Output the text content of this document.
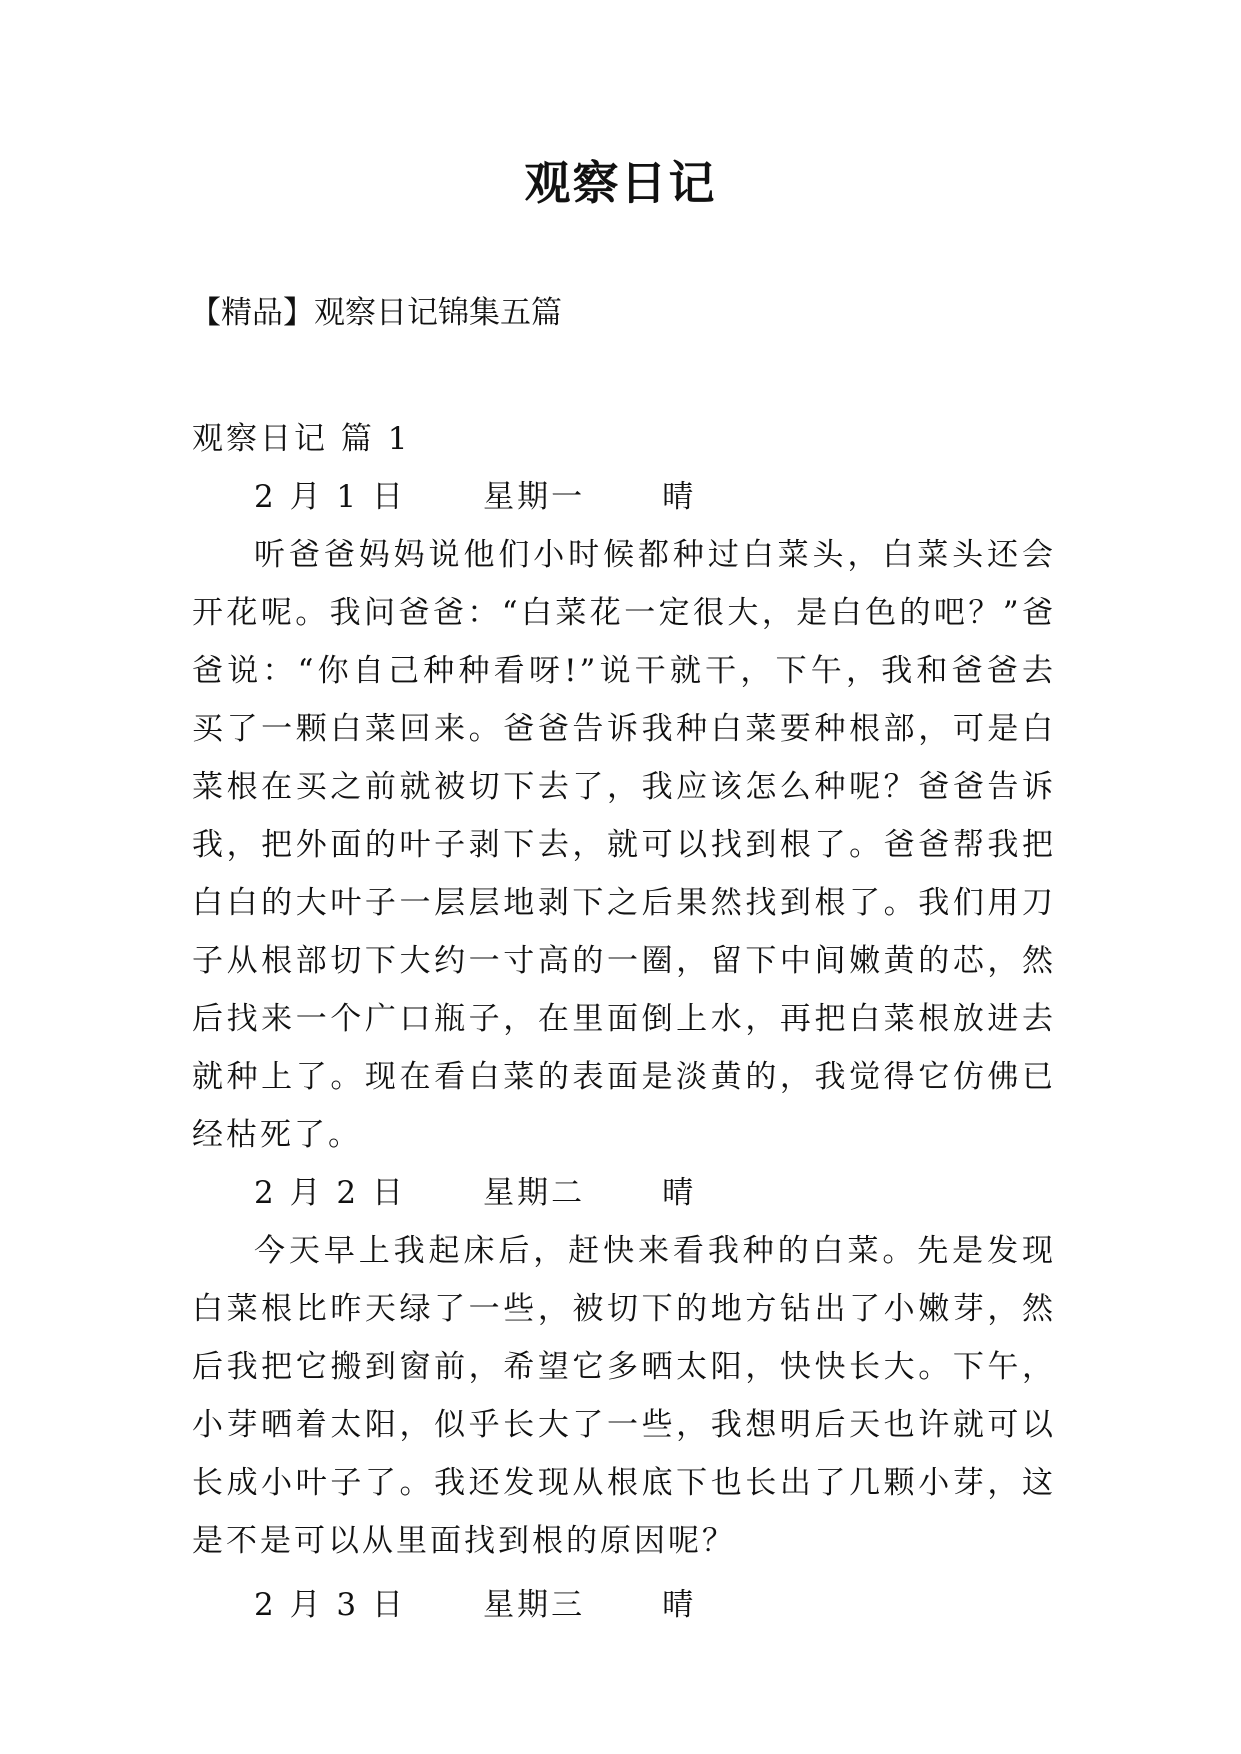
观察日记
【精品】观察日记锦集五篇

观察日记 篇 1

2 月 1 日      星期一      晴

听爸爸妈妈说他们小时候都种过白菜头，白菜头还会开花呢。我问爸爸：“白菜花一定很大，是白色的吧？”爸爸说：“你自己种种看呀!”说干就干，下午，我和爸爸去买了一颗白菜回来。爸爸告诉我种白菜要种根部，可是白菜根在买之前就被切下去了，我应该怎么种呢？爸爸告诉我，把外面的叶子剥下去，就可以找到根了。爸爸帮我把白白的大叶子一层层地剥下之后果然找到根了。我们用刀子从根部切下大约一寸高的一圈，留下中间嫩黄的芯，然后找来一个广口瓶子，在里面倒上水，再把白菜根放进去就种上了。现在看白菜的表面是淡黄的，我觉得它仿佛已经枯死了。

2 月 2 日      星期二      晴

今天早上我起床后，赶快来看我种的白菜。先是发现白菜根比昨天绿了一些，被切下的地方钻出了小嫩芽，然后我把它搬到窗前，希望它多晒太阳，快快长大。下午，小芽晒着太阳，似乎长大了一些，我想明后天也许就可以长成小叶子了。我还发现从根底下也长出了几颗小芽，这是不是可以从里面找到根的原因呢？

2 月 3 日      星期三      晴
